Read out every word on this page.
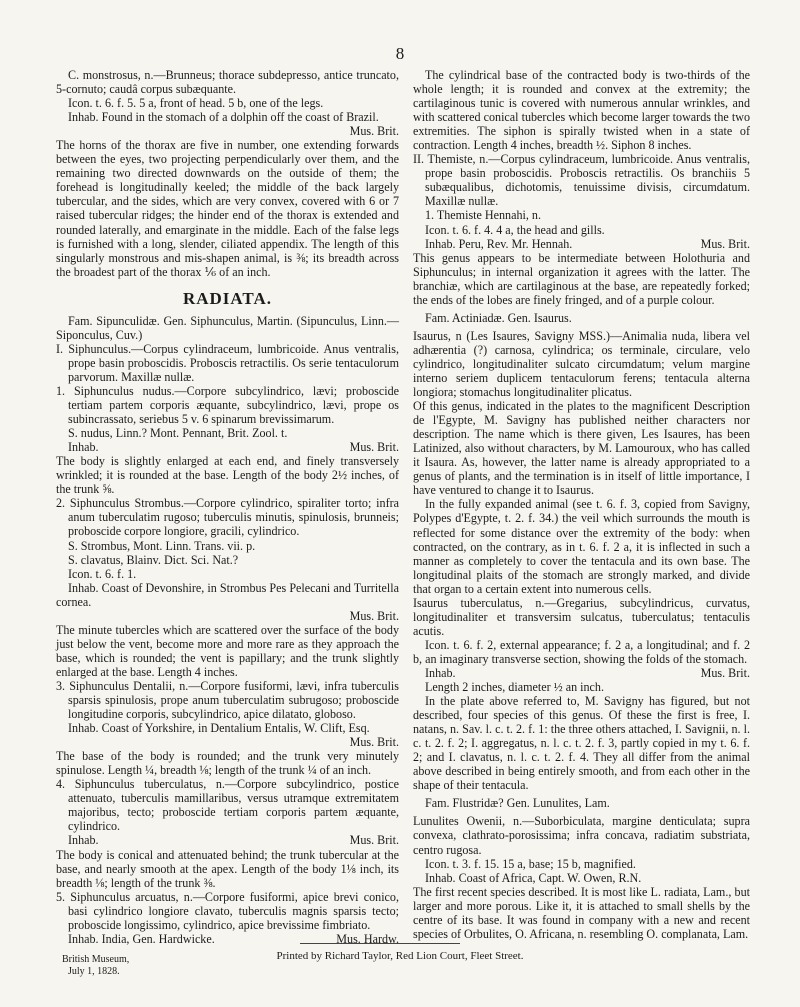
8

C. monstrosus, n.—Brunneus; thorace subdepresso, antice truncato, 5-cornuto; caudâ corpus subæquante.

Icon. t. 6. f. 5. 5 a, front of head. 5 b, one of the legs.

Inhab. Found in the stomach of a dolphin off the coast of Brazil.

Mus. Brit.

The horns of the thorax are five in number, one extending forwards between the eyes, two projecting perpendicularly over them, and the remaining two directed downwards on the outside of them; the forehead is longitudinally keeled; the middle of the back largely tubercular, and the sides, which are very convex, covered with 6 or 7 raised tubercular ridges; the hinder end of the thorax is extended and rounded laterally, and emarginate in the middle. Each of the false legs is furnished with a long, slender, ciliated appendix. The length of this singularly monstrous and mis-shapen animal, is ⅜; its breadth across the broadest part of the thorax ⅙ of an inch.

RADIATA.

Fam. Sipunculidæ. Gen. Siphunculus, Martin. (Sipunculus, Linn.—Siponculus, Cuv.)

I. Siphunculus.—Corpus cylindraceum, lumbricoide. Anus ventralis, prope basin proboscidis. Proboscis retractilis. Os serie tentaculorum parvorum. Maxillæ nullæ.

1. Siphunculus nudus.—Corpore subcylindrico, lævi; proboscide tertiam partem corporis æquante, subcylindrico, lævi, prope os subincrassato, seriebus 5 v. 6 spinarum brevissimarum.

S. nudus, Linn.? Mont. Pennant, Brit. Zool. t.

Inhab.	Mus. Brit.

The body is slightly enlarged at each end, and finely transversely wrinkled; it is rounded at the base. Length of the body 2½ inches, of the trunk ⅝.

2. Siphunculus Strombus.—Corpore cylindrico, spiraliter torto; infra anum tuberculatim rugoso; tuberculis minutis, spinulosis, brunneis; proboscide corpore longiore, gracili, cylindrico.

S. Strombus, Mont. Linn. Trans. vii. p.

S. clavatus, Blainv. Dict. Sci. Nat.?

Icon. t. 6. f. 1.

Inhab. Coast of Devonshire, in Strombus Pes Pelecani and Turritella cornea.

Mus. Brit.

The minute tubercles which are scattered over the surface of the body just below the vent, become more and more rare as they approach the base, which is rounded; the vent is papillary; and the trunk slightly enlarged at the base. Length 4 inches.

3. Siphunculus Dentalii, n.—Corpore fusiformi, lævi, infra tuberculis sparsis spinulosis, prope anum tuberculatim subrugoso; proboscide longitudine corporis, subcylindrico, apice dilatato, globoso.

Inhab. Coast of Yorkshire, in Dentalium Entalis, W. Clift, Esq.

Mus. Brit.

The base of the body is rounded; and the trunk very minutely spinulose. Length ¼, breadth ⅛; length of the trunk ¼ of an inch.

4. Siphunculus tuberculatus, n.—Corpore subcylindrico, postice attenuato, tuberculis mamillaribus, versus utramque extremitatem majoribus, tecto; proboscide tertiam corporis partem æquante, cylindrico.

Inhab.	Mus. Brit.

The body is conical and attenuated behind; the trunk tubercular at the base, and nearly smooth at the apex. Length of the body 1⅛ inch, its breadth ⅛; length of the trunk ⅜.

5. Siphunculus arcuatus, n.—Corpore fusiformi, apice brevi conico, basi cylindrico longiore clavato, tuberculis magnis sparsis tecto; proboscide longissimo, cylindrico, apice brevissime fimbriato.

Inhab. India, Gen. Hardwicke.	Mus. Hardw.

British Museum,
July 1, 1828.

The cylindrical base of the contracted body is two-thirds of the whole length; it is rounded and convex at the extremity; the cartilaginous tunic is covered with numerous annular wrinkles, and with scattered conical tubercles which become larger towards the two extremities. The siphon is spirally twisted when in a state of contraction. Length 4 inches, breadth ½. Siphon 8 inches.

II. Themiste, n.—Corpus cylindraceum, lumbricoide. Anus ventralis, prope basin proboscidis. Proboscis retractilis. Os branchiis 5 subæqualibus, dichotomis, tenuissime divisis, circumdatum. Maxillæ nullæ.

1. Themiste Hennahi, n.

Icon. t. 6. f. 4. 4 a, the head and gills.

Inhab. Peru, Rev. Mr. Hennah.	Mus. Brit.

This genus appears to be intermediate between Holothuria and Siphunculus; in internal organization it agrees with the latter. The branchiæ, which are cartilaginous at the base, are repeatedly forked; the ends of the lobes are finely fringed, and of a purple colour.

Fam. Actiniadæ. Gen. Isaurus.

Isaurus, n (Les Isaures, Savigny MSS.)—Animalia nuda, libera vel adhærentia (?) carnosa, cylindrica; os terminale, circulare, velo cylindrico, longitudinaliter sulcato circumdatum; velum margine interno seriem duplicem tentaculorum ferens; tentacula alterna longiora; stomachus longitudinaliter plicatus.

Of this genus, indicated in the plates to the magnificent Description de l'Egypte, M. Savigny has published neither characters nor description. The name which is there given, Les Isaures, has been Latinized, also without characters, by M. Lamouroux, who has called it Isaura. As, however, the latter name is already appropriated to a genus of plants, and the termination is in itself of little importance, I have ventured to change it to Isaurus.

In the fully expanded animal (see t. 6. f. 3, copied from Savigny, Polypes d'Egypte, t. 2. f. 34.) the veil which surrounds the mouth is reflected for some distance over the extremity of the body: when contracted, on the contrary, as in t. 6. f. 2 a, it is inflected in such a manner as completely to cover the tentacula and its own base. The longitudinal plaits of the stomach are strongly marked, and divide that organ to a certain extent into numerous cells.

Isaurus tuberculatus, n.—Gregarius, subcylindricus, curvatus, longitudinaliter et transversim sulcatus, tuberculatus; tentaculis acutis.

Icon. t. 6. f. 2, external appearance; f. 2 a, a longitudinal; and f. 2 b, an imaginary transverse section, showing the folds of the stomach.

Inhab.	Mus. Brit.

Length 2 inches, diameter ½ an inch.

In the plate above referred to, M. Savigny has figured, but not described, four species of this genus. Of these the first is free, I. natans, n. Sav. l. c. t. 2. f. 1: the three others attached, I. Savignii, n. l. c. t. 2. f. 2; I. aggregatus, n. l. c. t. 2. f. 3, partly copied in my t. 6. f. 2; and I. clavatus, n. l. c. t. 2. f. 4. They all differ from the animal above described in being entirely smooth, and from each other in the shape of their tentacula.

Fam. Flustridæ? Gen. Lunulites, Lam.

Lunulites Owenii, n.—Suborbiculata, margine denticulata; supra convexa, clathrato-porosissima; infra concava, radiatim substriata, centro rugosa.

Icon. t. 3. f. 15. 15 a, base; 15 b, magnified.

Inhab. Coast of Africa, Capt. W. Owen, R.N.

The first recent species described. It is most like L. radiata, Lam., but larger and more porous. Like it, it is attached to small shells by the centre of its base. It was found in company with a new and recent species of Orbulites, O. Africana, n. resembling O. complanata, Lam.

Printed by Richard Taylor, Red Lion Court, Fleet Street.
